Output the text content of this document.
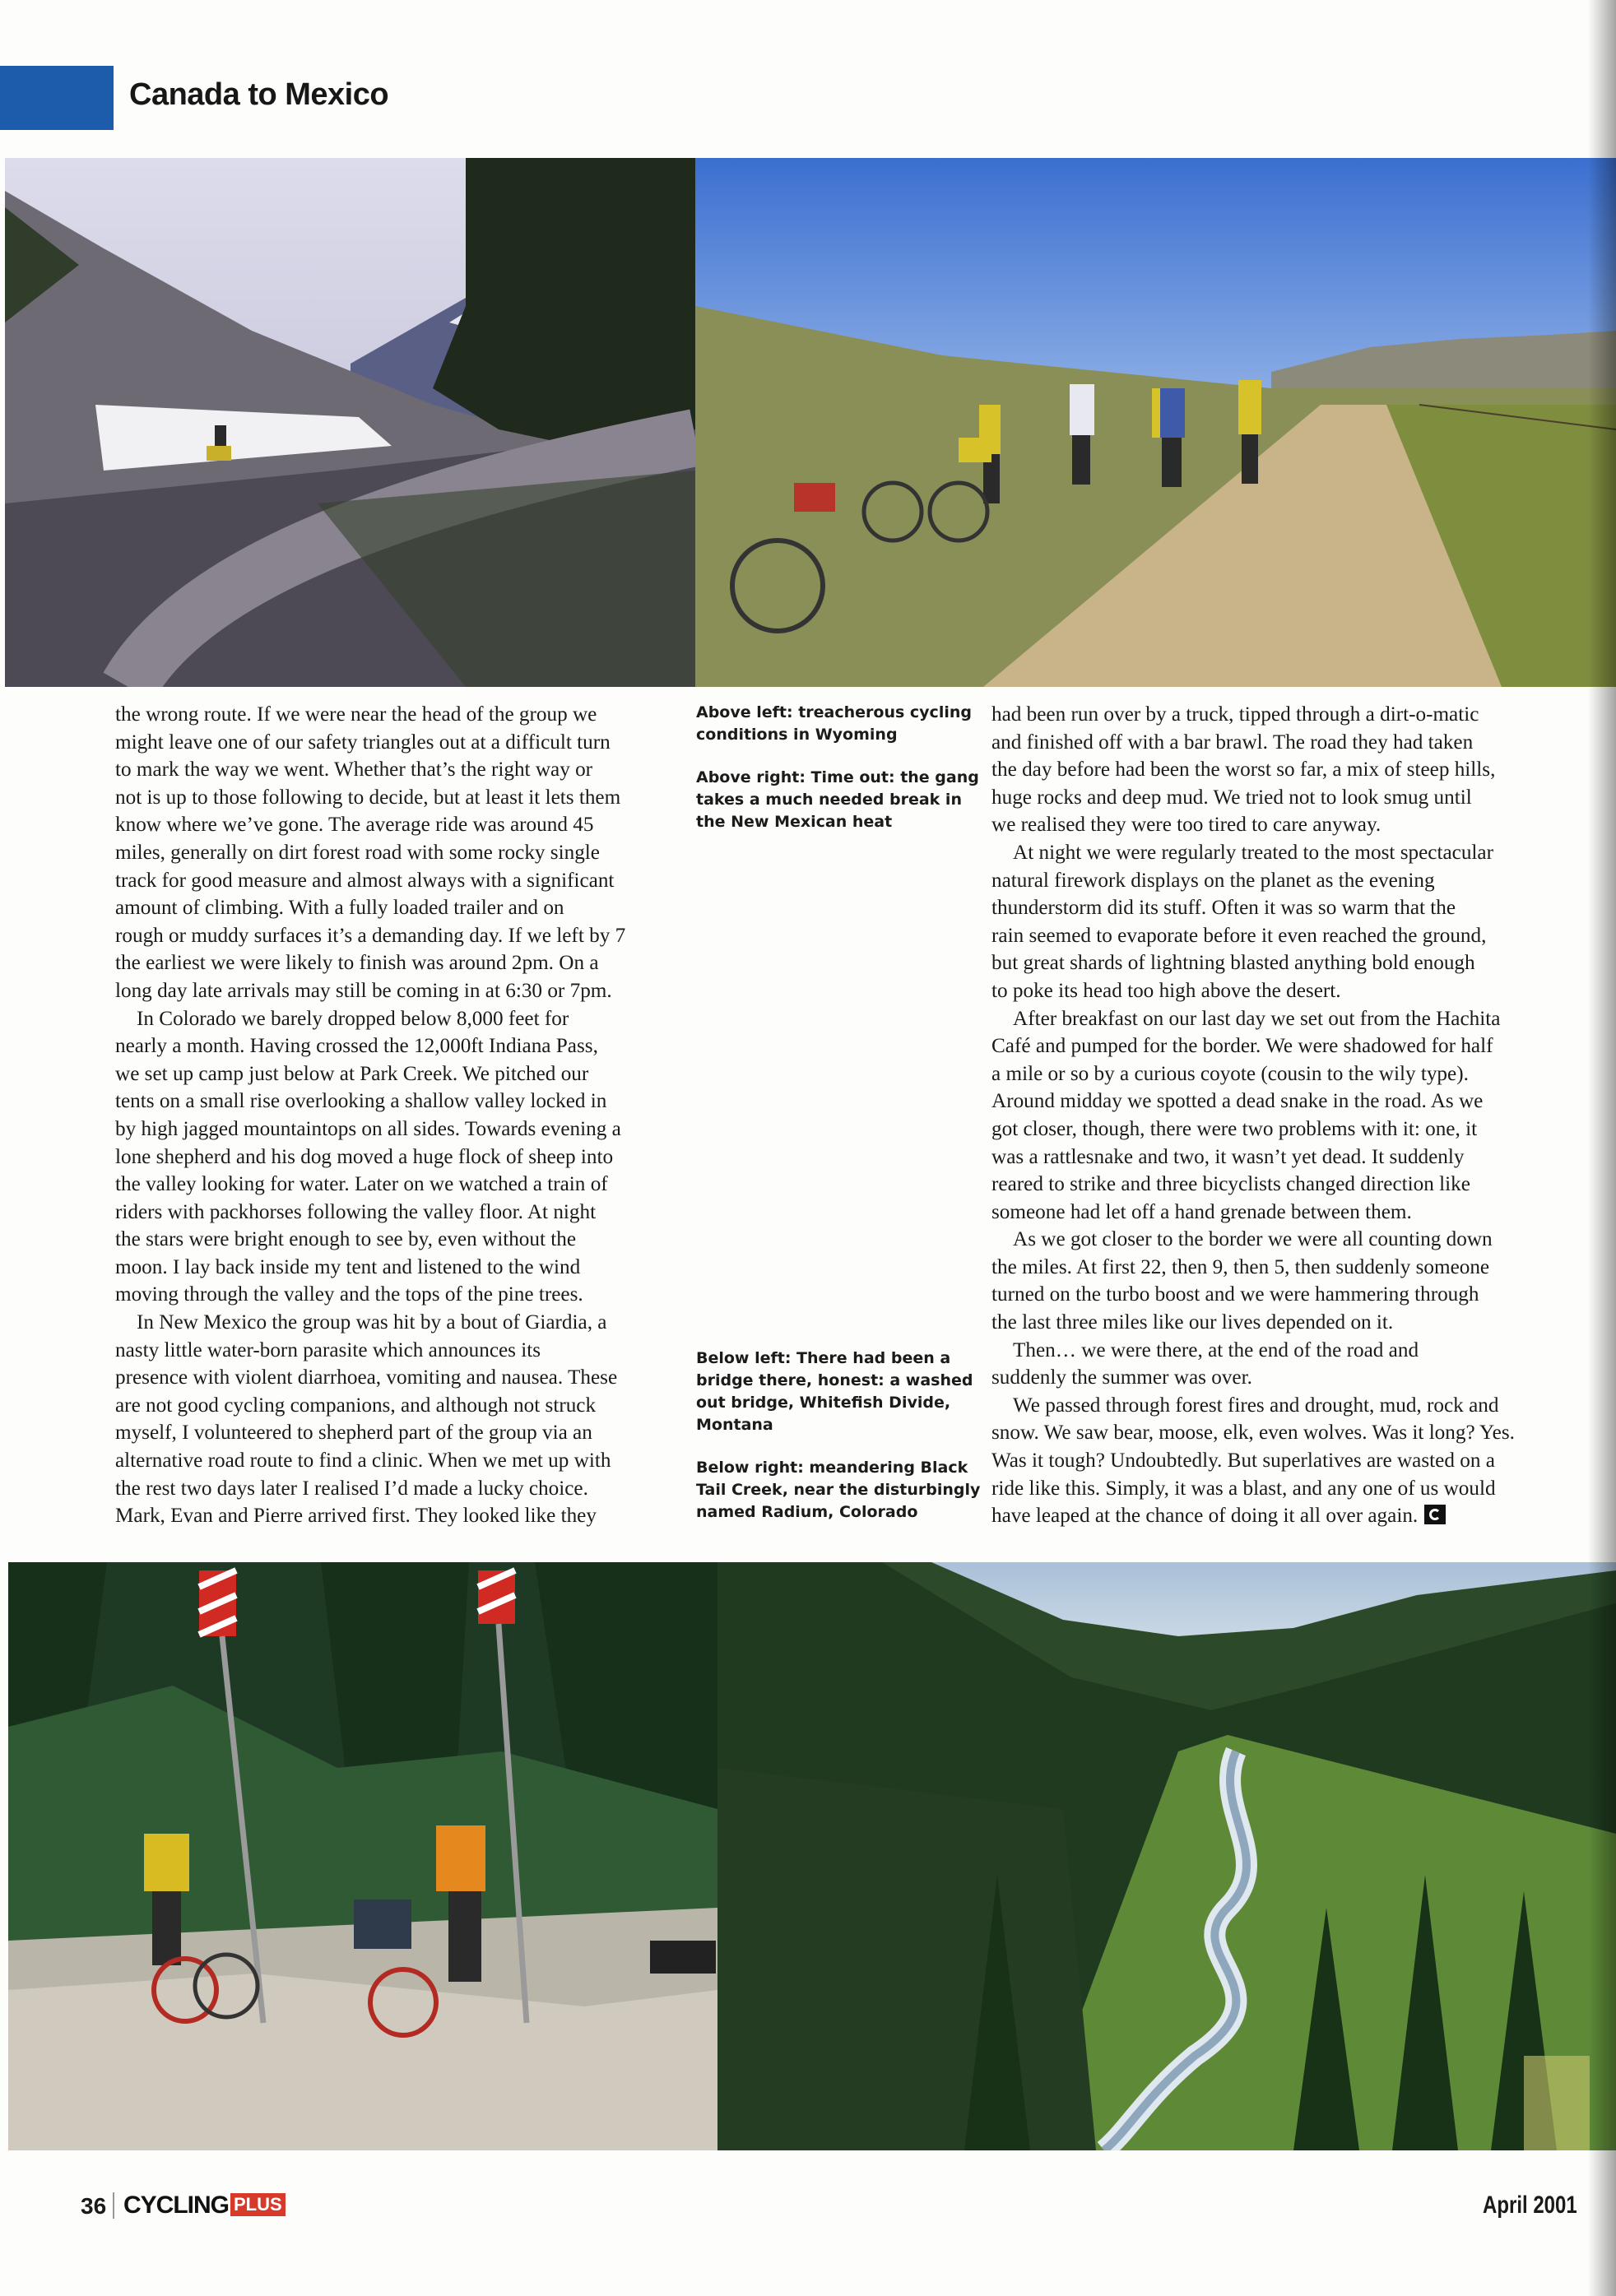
Canada to Mexico

the wrong route. If we were near the head of the group we

might leave one of our safety triangles out at a difficult turn

to mark the way we went. Whether that’s the right way or

not is up to those following to decide, but at least it lets them

know where we’ve gone. The average ride was around 45

miles, generally on dirt forest road with some rocky single

track for good measure and almost always with a significant

amount of climbing. With a fully loaded trailer and on

rough or muddy surfaces it’s a demanding day. If we left by 7

the earliest we were likely to finish was around 2pm. On a

long day late arrivals may still be coming in at 6:30 or 7pm.

In Colorado we barely dropped below 8,000 feet for

nearly a month. Having crossed the 12,000ft Indiana Pass,

we set up camp just below at Park Creek. We pitched our

tents on a small rise overlooking a shallow valley locked in

by high jagged mountaintops on all sides. Towards evening a

lone shepherd and his dog moved a huge flock of sheep into

the valley looking for water. Later on we watched a train of

riders with packhorses following the valley floor. At night

the stars were bright enough to see by, even without the

moon. I lay back inside my tent and listened to the wind

moving through the valley and the tops of the pine trees.

In New Mexico the group was hit by a bout of Giardia, a

nasty little water-born parasite which announces its

presence with violent diarrhoea, vomiting and nausea. These

are not good cycling companions, and although not struck

myself, I volunteered to shepherd part of the group via an

alternative road route to find a clinic. When we met up with

the rest two days later I realised I’d made a lucky choice.

Mark, Evan and Pierre arrived first. They looked like they

Above left: treacherous cycling
conditions in Wyoming
Above right: Time out: the gang
takes a much needed break in
the New Mexican heat
Below left: There had been a
bridge there, honest: a washed
out bridge, Whitefish Divide,
Montana
Below right: meandering Black
Tail Creek, near the disturbingly
named Radium, Colorado

had been run over by a truck, tipped through a dirt-o-matic

and finished off with a bar brawl. The road they had taken

the day before had been the worst so far, a mix of steep hills,

huge rocks and deep mud. We tried not to look smug until

we realised they were too tired to care anyway.

At night we were regularly treated to the most spectacular

natural firework displays on the planet as the evening

thunderstorm did its stuff. Often it was so warm that the

rain seemed to evaporate before it even reached the ground,

but great shards of lightning blasted anything bold enough

to poke its head too high above the desert.

After breakfast on our last day we set out from the Hachita

Café and pumped for the border. We were shadowed for half

a mile or so by a curious coyote (cousin to the wily type).

Around midday we spotted a dead snake in the road. As we

got closer, though, there were two problems with it: one, it

was a rattlesnake and two, it wasn’t yet dead. It suddenly

reared to strike and three bicyclists changed direction like

someone had let off a hand grenade between them.

As we got closer to the border we were all counting down

the miles. At first 22, then 9, then 5, then suddenly someone

turned on the turbo boost and we were hammering through

the last three miles like our lives depended on it.

Then… we were there, at the end of the road and

suddenly the summer was over.

We passed through forest fires and drought, mud, rock and

snow. We saw bear, moose, elk, even wolves. Was it long? Yes.

Was it tough? Undoubtedly. But superlatives are wasted on a

ride like this. Simply, it was a blast, and any one of us would

have leaped at the chance of doing it all over again.

36 CYCLING PLUS	April 2001
